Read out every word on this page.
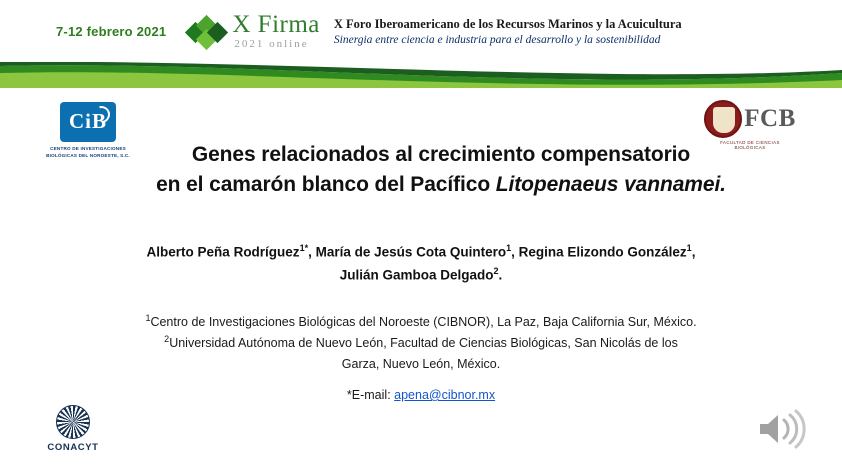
7-12 febrero 2021	X Firma
2021 online
X Foro Iberoamericano de los Recursos Marinos y la Acuicultura
Sinergia entre ciencia e industria para el desarrollo y la sostenibilidad
CiB
CENTRO DE INVESTIGACIONES
BIOLÓGICAS DEL NOROESTE, S.C.
FCB
FACULTAD DE CIENCIAS BIOLÓGICAS
Genes relacionados al crecimiento compensatorio
en el camarón blanco del Pacífico Litopenaeus vannamei.
Alberto Peña Rodríguez$^{1*}$, María de Jesús Cota Quintero$^1$, Regina Elizondo González$^1$,
Julián Gamboa Delgado$^2$.
$^1$Centro de Investigaciones Biológicas del Noroeste (CIBNOR), La Paz, Baja California Sur, México.
$^2$Universidad Autónoma de Nuevo León, Facultad de Ciencias Biológicas, San Nicolás de los
Garza, Nuevo León, México.
*E-mail: apena@cibnor.mx
CONACYT
